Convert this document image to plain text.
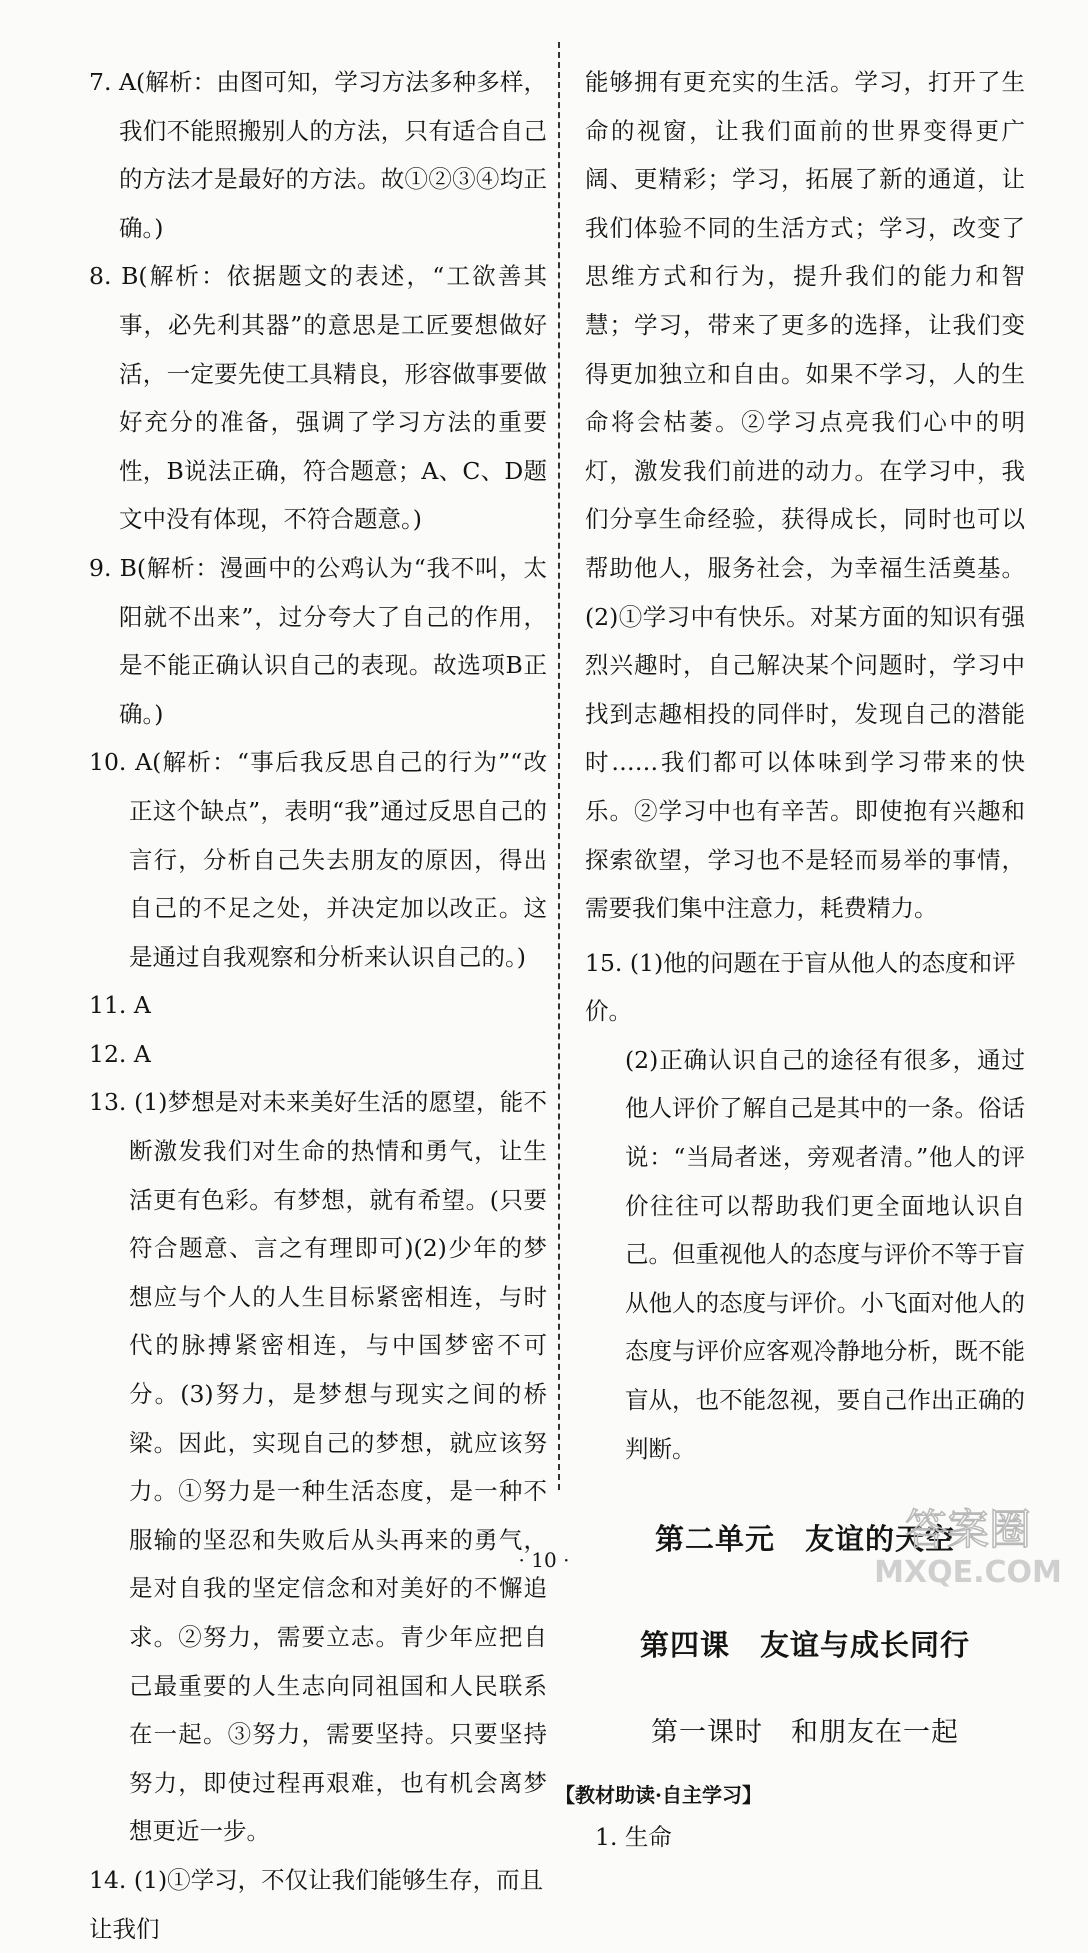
7. A(解析：由图可知，学习方法多种多样，我们不能照搬别人的方法，只有适合自己的方法才是最好的方法。故①②③④均正确。)

8. B(解析：依据题文的表述，“工欲善其事，必先利其器”的意思是工匠要想做好活，一定要先使工具精良，形容做事要做好充分的准备，强调了学习方法的重要性，B说法正确，符合题意；A、C、D题文中没有体现，不符合题意。)

9. B(解析：漫画中的公鸡认为“我不叫，太阳就不出来”，过分夸大了自己的作用，是不能正确认识自己的表现。故选项B正确。)

10. A(解析：“事后我反思自己的行为”“改正这个缺点”，表明“我”通过反思自己的言行，分析自己失去朋友的原因，得出自己的不足之处，并决定加以改正。这是通过自我观察和分析来认识自己的。)

11. A

12. A

13. (1)梦想是对未来美好生活的愿望，能不断激发我们对生命的热情和勇气，让生活更有色彩。有梦想，就有希望。(只要符合题意、言之有理即可)(2)少年的梦想应与个人的人生目标紧密相连，与时代的脉搏紧密相连，与中国梦密不可分。(3)努力，是梦想与现实之间的桥梁。因此，实现自己的梦想，就应该努力。①努力是一种生活态度，是一种不服输的坚忍和失败后从头再来的勇气，是对自我的坚定信念和对美好的不懈追求。②努力，需要立志。青少年应把自己最重要的人生志向同祖国和人民联系在一起。③努力，需要坚持。只要坚持努力，即使过程再艰难，也有机会离梦想更近一步。

14. (1)①学习，不仅让我们能够生存，而且让我们

能够拥有更充实的生活。学习，打开了生命的视窗，让我们面前的世界变得更广阔、更精彩；学习，拓展了新的通道，让我们体验不同的生活方式；学习，改变了思维方式和行为，提升我们的能力和智慧；学习，带来了更多的选择，让我们变得更加独立和自由。如果不学习，人的生命将会枯萎。②学习点亮我们心中的明灯，激发我们前进的动力。在学习中，我们分享生命经验，获得成长，同时也可以帮助他人，服务社会，为幸福生活奠基。(2)①学习中有快乐。对某方面的知识有强烈兴趣时，自己解决某个问题时，学习中找到志趣相投的同伴时，发现自己的潜能时……我们都可以体味到学习带来的快乐。②学习中也有辛苦。即使抱有兴趣和探索欲望，学习也不是轻而易举的事情，需要我们集中注意力，耗费精力。

15. (1)他的问题在于盲从他人的态度和评价。

(2)正确认识自己的途径有很多，通过他人评价了解自己是其中的一条。俗话说：“当局者迷，旁观者清。”他人的评价往往可以帮助我们更全面地认识自己。但重视他人的态度与评价不等于盲从他人的态度与评价。小飞面对他人的态度与评价应客观冷静地分析，既不能盲从，也不能忽视，要自己作出正确的判断。

第二单元　友谊的天空
第四课　友谊与成长同行
第一课时　和朋友在一起
【教材助读·自主学习】
1. 生命
· 10 ·
答案圈
MXQE.COM
